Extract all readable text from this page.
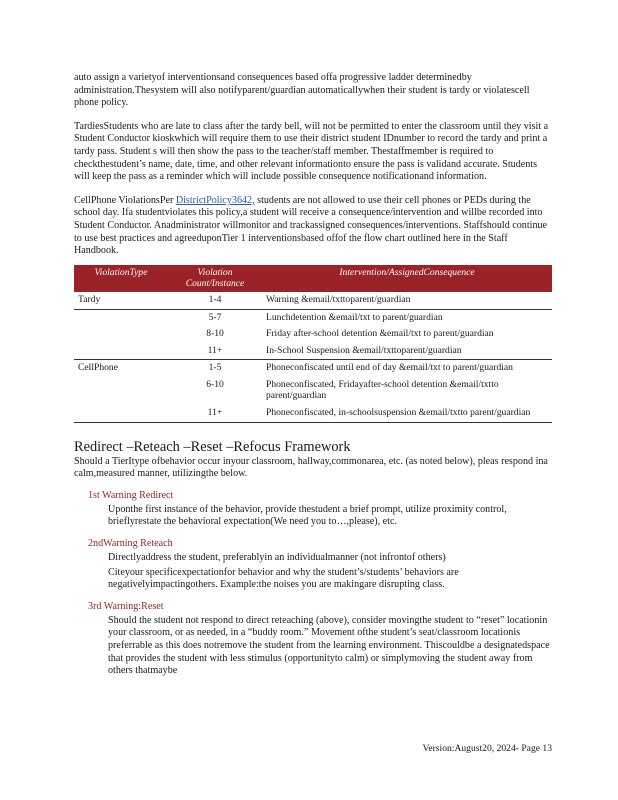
auto assign a varietyof interventionsand consequences based offa progressive ladder determinedby administration.Thesystem will also notifyparent/guardian automaticallywhen their student is tardy or violatescell phone policy.

TardiesStudents who are late to class after the tardy bell, will not be permitted to enter the classroom until they visit a Student Conductor kioskwhich will require them to use their district student IDnumber to record the tardy and print a tardy pass. Student s will then show the pass to the teacher/staff member. Thestaffmember is required to checkthestudent’s name, date, time, and other relevant informationto ensure the pass is validand accurate. Students will keep the pass as a reminder which will include possible consequence notificationand information.

CellPhone ViolationsPer DistrictPolicy3642, students are not allowed to use their cell phones or PEDs during the school day. Ifa studentviolates this policy,a student will receive a consequence/intervention and willbe recorded into Student Conductor. Anadministrator willmonitor and trackassigned consequences/interventions. Staffshould continue to use best practices and agreeduponTier 1 interventionsbased offof the flow chart outlined here in the Staff Handbook.

ViolationType	Violation Count/Instance	Intervention/AssignedConsequence
Tardy	1-4	Warning &email/txttoparent/guardian
	5-7	Lunchdetention &email/txt to parent/guardian
	8-10	Friday after-school detention &email/txt to parent/guardian
	11+	In-School Suspension &email/txttoparent/guardian
CellPhone	1-5	Phoneconfiscated until end of day &email/txt to parent/guardian
	6-10	Phoneconfiscated, Fridayafter-school detention &email/txtto parent/guardian
	11+	Phoneconfiscated, in-schoolsuspension &email/txtto parent/guardian
Redirect –Reteach –Reset –Refocus Framework

Should a TierItype ofbehavior occur inyour classroom, hallway,commonarea, etc. (as noted below), pleas respond ina calm,measured manner, utilizingthe below.

1st Warning Redirect
Uponthe first instance of the behavior, provide thestudent a brief prompt, utilize proximity control, brieflyrestate the behavioral expectation(We need you to…,please), etc.
2ndWarning Reteach
Directlyaddress the student, preferablyin an individualmanner (not infrontof others)
Citeyour specificexpectationfor behavior and why the student’s/students’ behaviors are negativelyimpactingothers. Example:the noises you are makingare disrupting class.
3rd Warning:Reset
Should the student not respond to direct reteaching (above), consider movingthe student to “reset” locationin your classroom, or as needed, in a “buddy room.” Movement ofthe student’s seat/classroom locationis preferrable as this does notremove the student from the learning environment. Thiscouldbe a designatedspace that provides the student with less stimulus (opportunityto calm) or simplymoving the student away from others thatmaybe
Version:August20, 2024- Page 13
